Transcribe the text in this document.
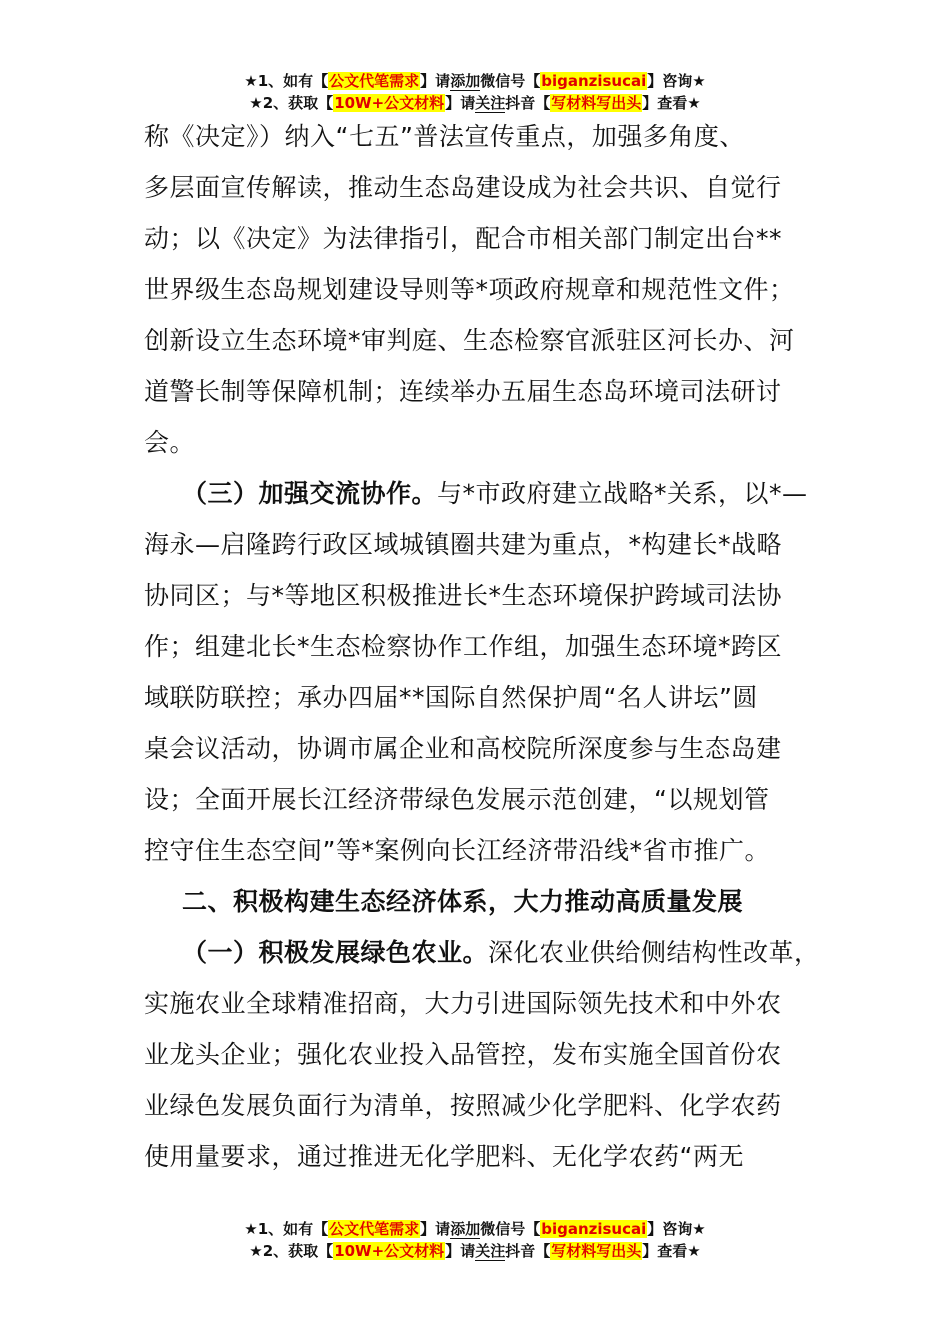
★1、如有【公文代笔需求】请添加微信号【biganzisucai】咨询★
★2、获取【10W+公文材料】请关注抖音【写材料写出头】查看★
称《决定》）纳入“七五”普法宣传重点，加强多角度、
多层面宣传解读，推动生态岛建设成为社会共识、自觉行
动；以《决定》为法律指引，配合市相关部门制定出台**
世界级生态岛规划建设导则等*项政府规章和规范性文件；
创新设立生态环境*审判庭、生态检察官派驻区河长办、河
道警长制等保障机制；连续举办五届生态岛环境司法研讨
会。
（三）加强交流协作。与*市政府建立战略*关系，以*—
海永—启隆跨行政区域城镇圈共建为重点，*构建长*战略
协同区；与*等地区积极推进长*生态环境保护跨域司法协
作；组建北长*生态检察协作工作组，加强生态环境*跨区
域联防联控；承办四届**国际自然保护周“名人讲坛”圆
桌会议活动，协调市属企业和高校院所深度参与生态岛建
设；全面开展长江经济带绿色发展示范创建，“以规划管
控守住生态空间”等*案例向长江经济带沿线*省市推广。
二、积极构建生态经济体系，大力推动高质量发展
（一）积极发展绿色农业。深化农业供给侧结构性改革，
实施农业全球精准招商，大力引进国际领先技术和中外农
业龙头企业；强化农业投入品管控，发布实施全国首份农
业绿色发展负面行为清单，按照减少化学肥料、化学农药
使用量要求，通过推进无化学肥料、无化学农药“两无
★1、如有【公文代笔需求】请添加微信号【biganzisucai】咨询★
★2、获取【10W+公文材料】请关注抖音【写材料写出头】查看★
